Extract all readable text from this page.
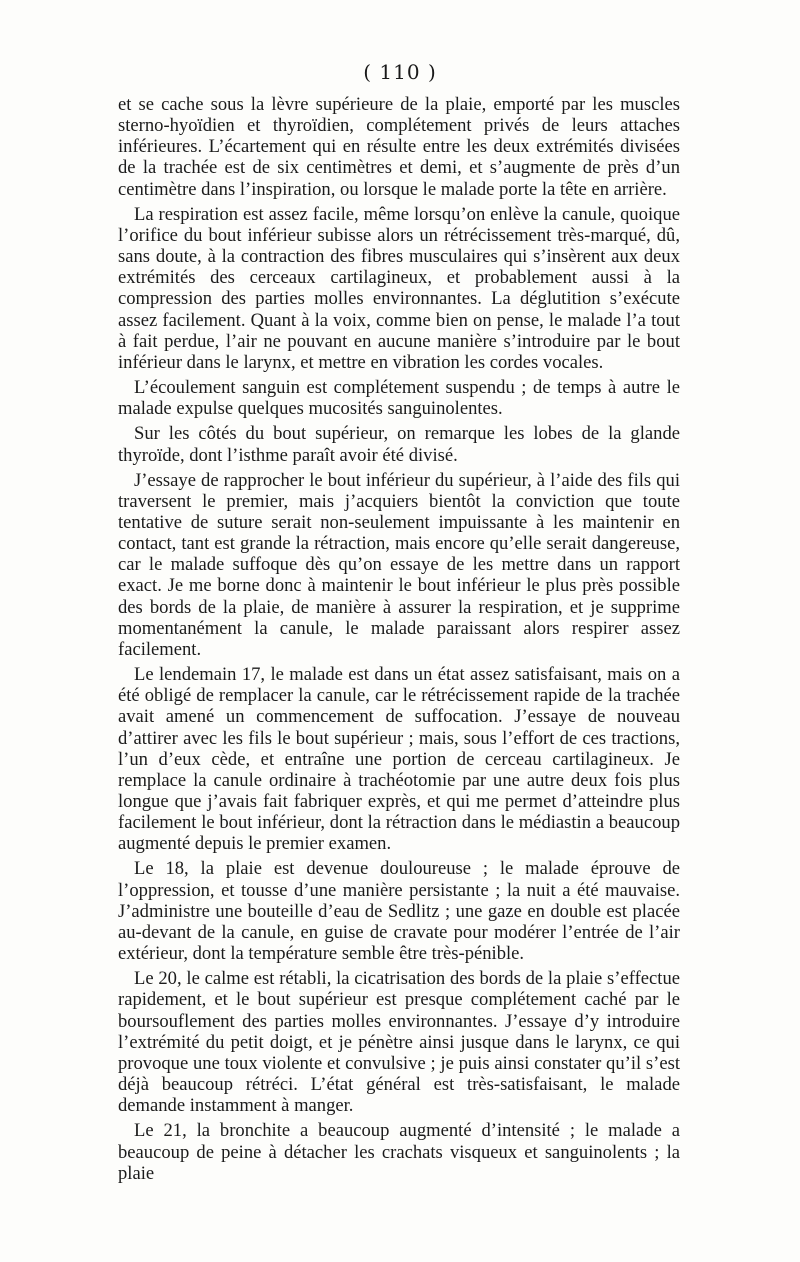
( 110 )

et se cache sous la lèvre supérieure de la plaie, emporté par les muscles sterno-hyoïdien et thyroïdien, complétement privés de leurs attaches inférieures. L’écartement qui en résulte entre les deux extrémités divisées de la trachée est de six centimètres et demi, et s’augmente de près d’un centimètre dans l’inspiration, ou lorsque le malade porte la tête en arrière.

La respiration est assez facile, même lorsqu’on enlève la canule, quoique l’orifice du bout inférieur subisse alors un rétrécissement très-marqué, dû, sans doute, à la contraction des fibres musculaires qui s’insèrent aux deux extrémités des cerceaux cartilagineux, et probablement aussi à la compression des parties molles environnantes. La déglutition s’exécute assez facilement. Quant à la voix, comme bien on pense, le malade l’a tout à fait perdue, l’air ne pouvant en aucune manière s’introduire par le bout inférieur dans le larynx, et mettre en vibration les cordes vocales.

L’écoulement sanguin est complétement suspendu ; de temps à autre le malade expulse quelques mucosités sanguinolentes.

Sur les côtés du bout supérieur, on remarque les lobes de la glande thyroïde, dont l’isthme paraît avoir été divisé.

J’essaye de rapprocher le bout inférieur du supérieur, à l’aide des fils qui traversent le premier, mais j’acquiers bientôt la conviction que toute tentative de suture serait non-seulement impuissante à les maintenir en contact, tant est grande la rétraction, mais encore qu’elle serait dangereuse, car le malade suffoque dès qu’on essaye de les mettre dans un rapport exact. Je me borne donc à maintenir le bout inférieur le plus près possible des bords de la plaie, de manière à assurer la respiration, et je supprime momentanément la canule, le malade paraissant alors respirer assez facilement.

Le lendemain 17, le malade est dans un état assez satisfaisant, mais on a été obligé de remplacer la canule, car le rétrécissement rapide de la trachée avait amené un commencement de suffocation. J’essaye de nouveau d’attirer avec les fils le bout supérieur ; mais, sous l’effort de ces tractions, l’un d’eux cède, et entraîne une portion de cerceau cartilagineux. Je remplace la canule ordinaire à trachéotomie par une autre deux fois plus longue que j’avais fait fabriquer exprès, et qui me permet d’atteindre plus facilement le bout inférieur, dont la rétraction dans le médiastin a beaucoup augmenté depuis le premier examen.

Le 18, la plaie est devenue douloureuse ; le malade éprouve de l’oppression, et tousse d’une manière persistante ; la nuit a été mauvaise. J’administre une bouteille d’eau de Sedlitz ; une gaze en double est placée au-devant de la canule, en guise de cravate pour modérer l’entrée de l’air extérieur, dont la température semble être très-pénible.

Le 20, le calme est rétabli, la cicatrisation des bords de la plaie s’effectue rapidement, et le bout supérieur est presque complétement caché par le boursouflement des parties molles environnantes. J’essaye d’y introduire l’extrémité du petit doigt, et je pénètre ainsi jusque dans le larynx, ce qui provoque une toux violente et convulsive ; je puis ainsi constater qu’il s’est déjà beaucoup rétréci. L’état général est très-satisfaisant, le malade demande instamment à manger.

Le 21, la bronchite a beaucoup augmenté d’intensité ; le malade a beaucoup de peine à détacher les crachats visqueux et sanguinolents ; la plaie
